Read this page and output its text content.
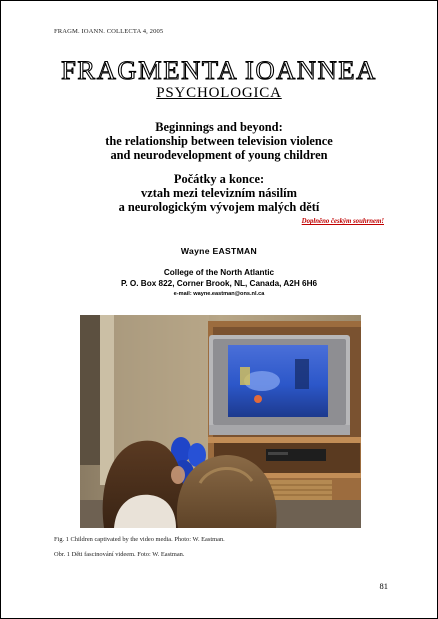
FRAGM. IOANN. COLLECTA 4, 2005
FRAGMENTA IOANNEA
PSYCHOLOGICA
Beginnings and beyond:
the relationship between television violence
and neurodevelopment of young children
Počátky a konce:
vztah mezi televizním násilím
a neurologickým vývojem malých dětí
Doplněno českým souhrnem!
Wayne EASTMAN
College of the North Atlantic
P. O. Box 822, Corner Brook, NL, Canada, A2H 6H6
e-mail: wayne.eastman@ons.nl.ca
Fig. 1 Children captivated by the video media. Photo: W. Eastman.
Obr. 1 Děti fascinování videem. Foto: W. Eastman.
81
